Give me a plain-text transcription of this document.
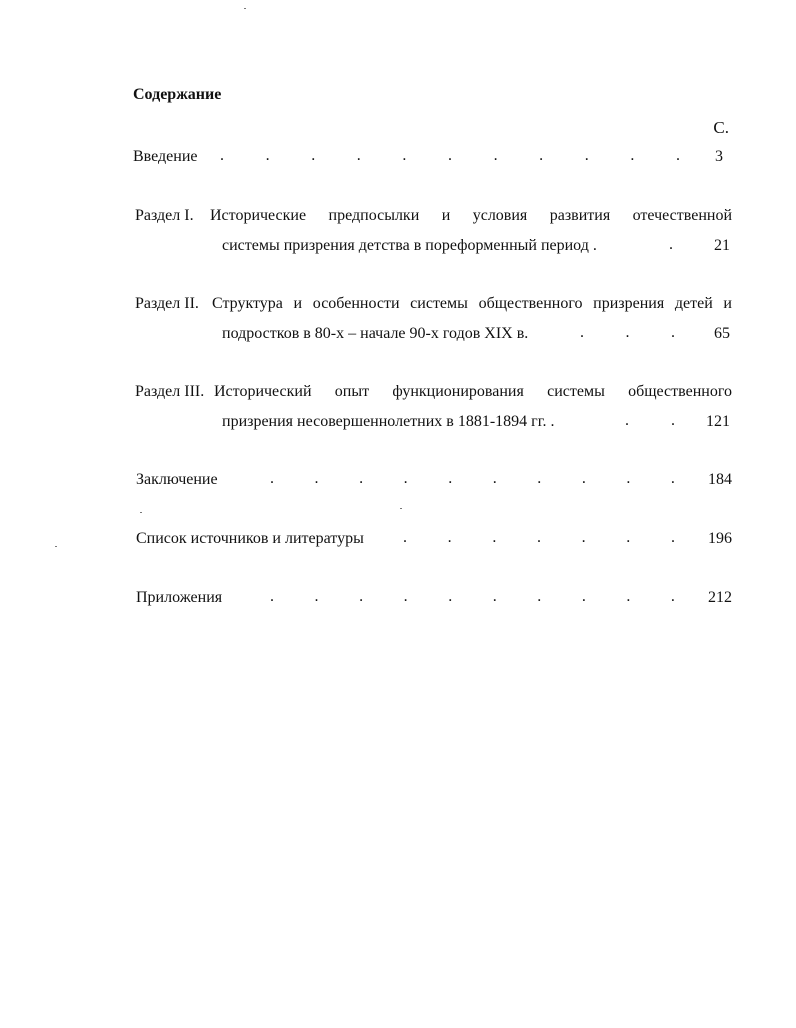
Содержание
С.
Введение .	.	.	.	.	.	.	.	.	.	.	3
Раздел I. Исторические предпосылки и условия развития отечественной
системы призрения детства в пореформенный период .	.	21
Раздел II. Структура и особенности системы общественного призрения детей и
подростков в 80-х – начале 90-х годов XIX в.	.	.	.	65
Раздел III. Исторический опыт функционирования системы общественного
призрения несовершеннолетних в 1881-1894 гг. .	.	.	121
Заключение	.	.	.	.	.	.	.	.	.	.	184
Список источников и литературы .	.	.	.	.	.	.	196
Приложения	.	.	.	.	.	.	.	.	.	.	212
